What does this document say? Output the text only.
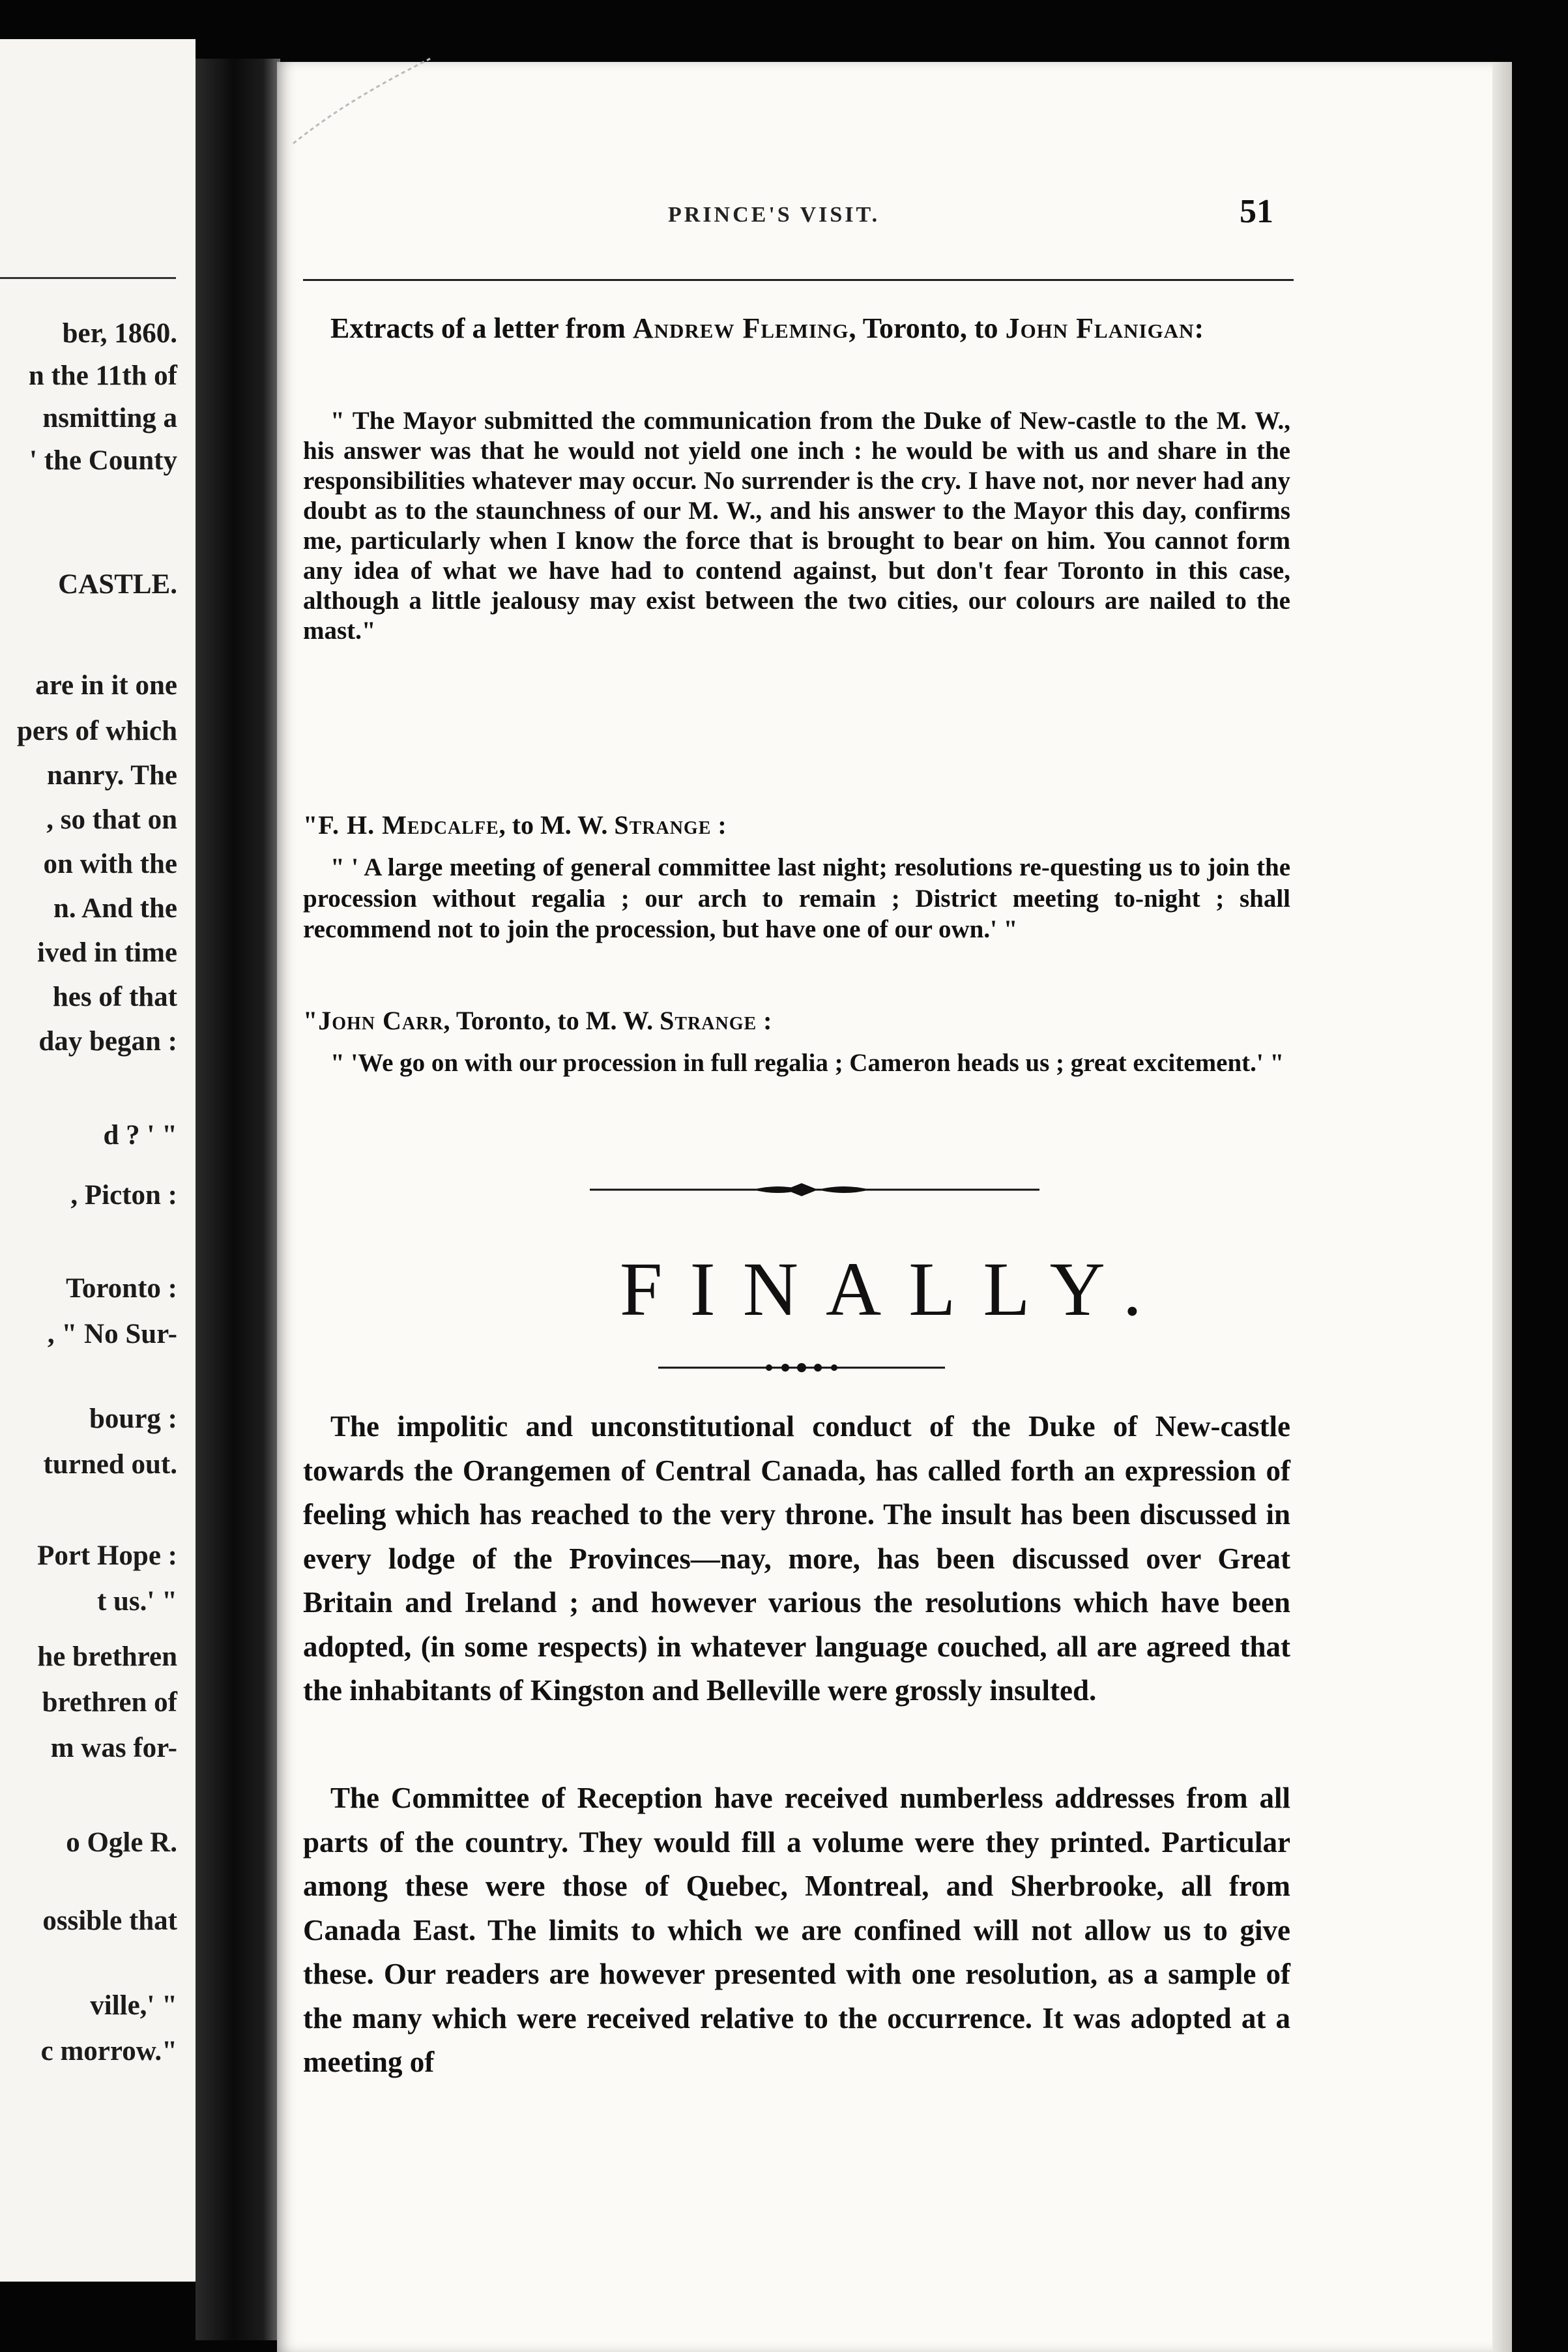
ber, 1860.
n the 11th of
nsmitting a
' the County
CASTLE.
are in it one
pers of which
nanry. The
, so that on
on with the
n. And the
ived in time
hes of that
day began :
d ? ' "
, Picton :
Toronto :
, " No Sur-
bourg :
turned out.
Port Hope :
t us.' "
he brethren
brethren of
m was for-
o Ogle R.
ossible that
ville,' "
c morrow."
PRINCE'S VISIT.	51

Extracts of a letter from Andrew Fleming, Toronto, to John Flanigan:

" The Mayor submitted the communication from the Duke of New-castle to the M. W., his answer was that he would not yield one inch : he would be with us and share in the responsibilities whatever may occur. No surrender is the cry. I have not, nor never had any doubt as to the staunchness of our M. W., and his answer to the Mayor this day, confirms me, particularly when I know the force that is brought to bear on him. You cannot form any idea of what we have had to contend against, but don't fear Toronto in this case, although a little jealousy may exist between the two cities, our colours are nailed to the mast."

"F. H. Medcalfe, to M. W. Strange :

" ' A large meeting of general committee last night; resolutions re-questing us to join the procession without regalia ; our arch to remain ; District meeting to-night ; shall recommend not to join the procession, but have one of our own.' "

"John Carr, Toronto, to M. W. Strange :

" 'We go on with our procession in full regalia ; Cameron heads us ; great excitement.' "

FINALLY.

The impolitic and unconstitutional conduct of the Duke of New-castle towards the Orangemen of Central Canada, has called forth an expression of feeling which has reached to the very throne. The insult has been discussed in every lodge of the Provinces—nay, more, has been discussed over Great Britain and Ireland ; and however various the resolutions which have been adopted, (in some respects) in whatever language couched, all are agreed that the inhabitants of Kingston and Belleville were grossly insulted.

The Committee of Reception have received numberless addresses from all parts of the country. They would fill a volume were they printed. Particular among these were those of Quebec, Montreal, and Sherbrooke, all from Canada East. The limits to which we are confined will not allow us to give these. Our readers are however presented with one resolution, as a sample of the many which were received relative to the occurrence. It was adopted at a meeting of
